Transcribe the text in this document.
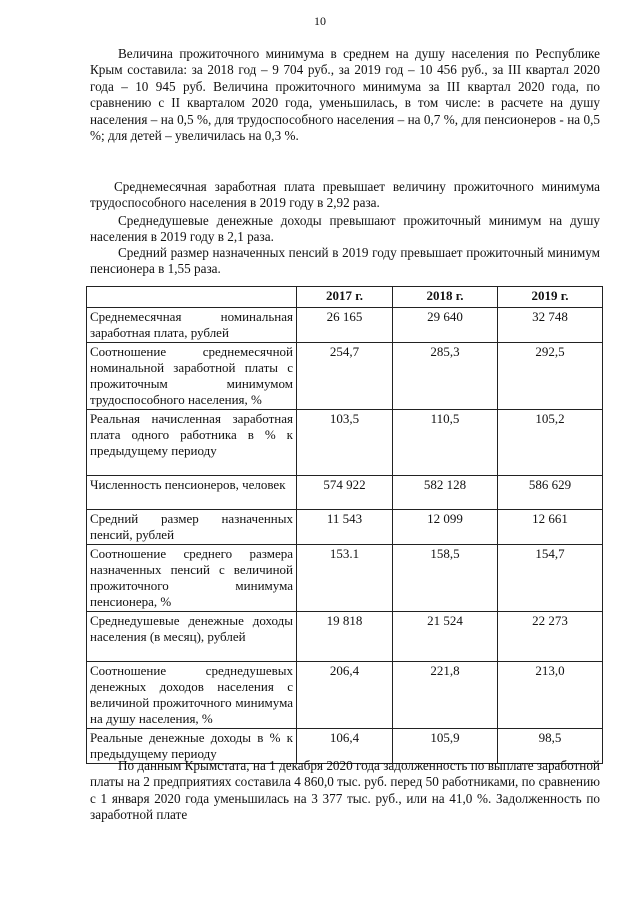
10

Величина прожиточного минимума в среднем на душу населения по Республике Крым составила: за 2018 год – 9 704 руб., за 2019 год – 10 456 руб., за III квартал 2020 года – 10 945 руб. Величина прожиточного минимума за III квартал 2020 года, по сравнению с II кварталом 2020 года, уменьшилась, в том числе: в расчете на душу населения – на 0,5 %, для трудоспособного населения – на 0,7 %, для пенсионеров - на 0,5 %; для детей – увеличилась на 0,3 %.

Среднемесячная заработная плата превышает величину прожиточного минимума трудоспособного населения в 2019 году в 2,92 раза.

Среднедушевые денежные доходы превышают прожиточный минимум на душу населения в 2019 году в 2,1 раза.

Средний размер назначенных пенсий в 2019 году превышает прожиточный минимум пенсионера в 1,55 раза.

	2017 г.	2018 г.	2019 г.
Среднемесячная номинальная заработная плата, рублей	26 165	29 640	32 748
Соотношение среднемесячной номинальной заработной платы с прожиточным минимумом трудоспособного населения, %	254,7	285,3	292,5
Реальная начисленная заработная плата одного работника в % к предыдущему периоду	103,5	110,5	105,2
Численность пенсионеров, человек	574 922	582 128	586 629
Средний размер назначенных пенсий, рублей	11 543	12 099	12 661
Соотношение среднего размера назначенных пенсий с величиной прожиточного минимума пенсионера, %	153.1	158,5	154,7
Среднедушевые денежные доходы населения (в месяц), рублей	19 818	21 524	22 273
Соотношение среднедушевых денежных доходов населения с величиной прожиточного минимума на душу населения, %	206,4	221,8	213,0
Реальные денежные доходы в % к предыдущему периоду	106,4	105,9	98,5

По данным Крымстата, на 1 декабря 2020 года задолженность по выплате заработной платы на 2 предприятиях составила 4 860,0 тыс. руб. перед 50 работниками, по сравнению с 1 января 2020 года уменьшилась на 3 377 тыс. руб., или на 41,0 %. Задолженность по заработной плате
